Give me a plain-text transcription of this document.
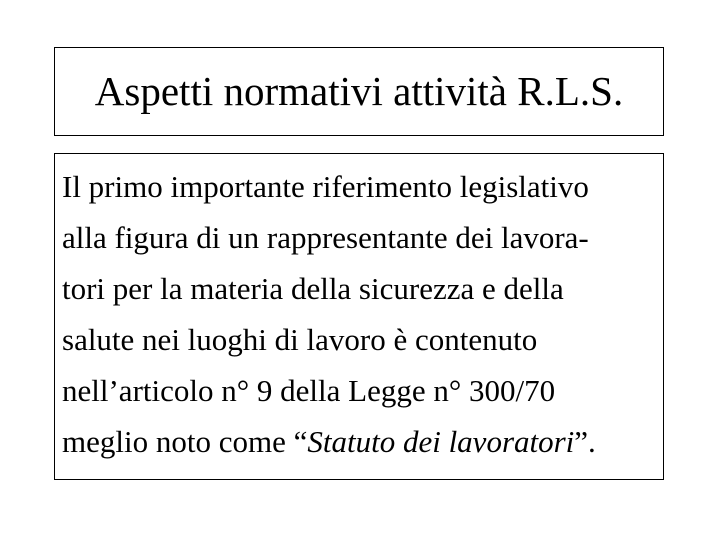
Aspetti normativi attività R.L.S.
Il primo importante riferimento legislativo
alla figura di un rappresentante dei lavora-
tori per la materia della sicurezza e della
salute nei luoghi di lavoro è contenuto
nell’articolo n° 9 della Legge n° 300/70
meglio noto come “Statuto dei lavoratori”.
